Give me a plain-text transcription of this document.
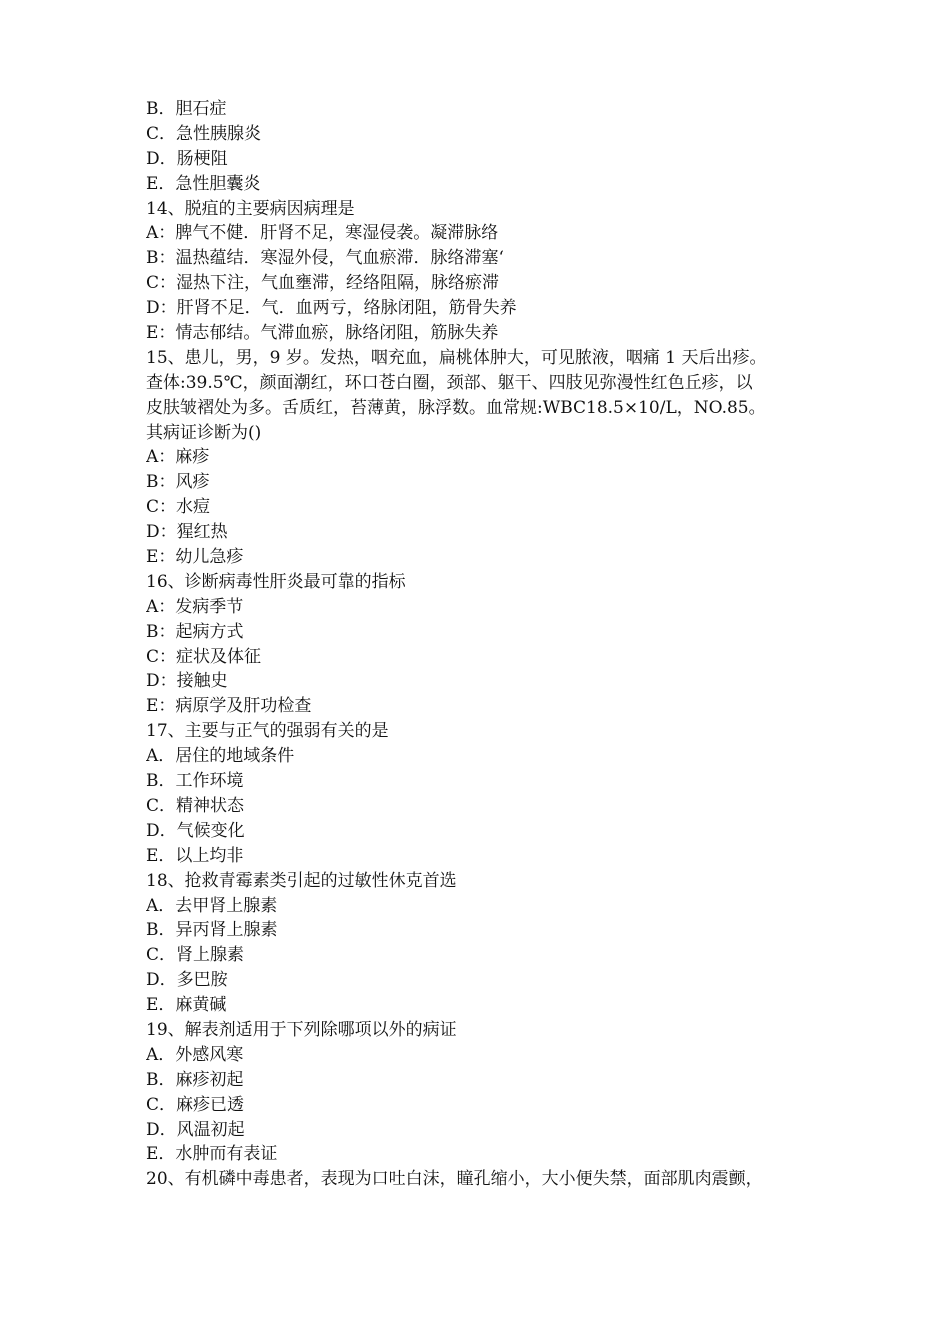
B．胆石症
C．急性胰腺炎
D．肠梗阻
E．急性胆囊炎
14、脱疽的主要病因病理是
A：脾气不健．肝肾不足，寒湿侵袭。凝滞脉络
B：温热蕴结．寒湿外侵，气血瘀滞．脉络滞塞‘
C：湿热下注，气血壅滞，经络阻隔，脉络瘀滞
D：肝肾不足．气．血两亏，络脉闭阻，筋骨失养
E：情志郁结。气滞血瘀，脉络闭阻，筋脉失养
15、患儿，男，9 岁。发热，咽充血，扁桃体肿大，可见脓液，咽痛 1 天后出疹。
查体:39.5℃，颜面潮红，环口苍白圈，颈部、躯干、四肢见弥漫性红色丘疹，以
皮肤皱褶处为多。舌质红，苔薄黄，脉浮数。血常规:WBC18.5×10/L，NO.85。
其病证诊断为()
A：麻疹
B：风疹
C：水痘
D：猩红热
E：幼儿急疹
16、诊断病毒性肝炎最可靠的指标
A：发病季节
B：起病方式
C：症状及体征
D：接触史
E：病原学及肝功检查
17、主要与正气的强弱有关的是
A．居住的地域条件
B．工作环境
C．精神状态
D．气候变化
E．以上均非
18、抢救青霉素类引起的过敏性休克首选
A．去甲肾上腺素
B．异丙肾上腺素
C．肾上腺素
D．多巴胺
E．麻黄碱
19、解表剂适用于下列除哪项以外的病证
A．外感风寒
B．麻疹初起
C．麻疹已透
D．风温初起
E．水肿而有表证
20、有机磷中毒患者，表现为口吐白沫，瞳孔缩小，大小便失禁，面部肌肉震颤，
